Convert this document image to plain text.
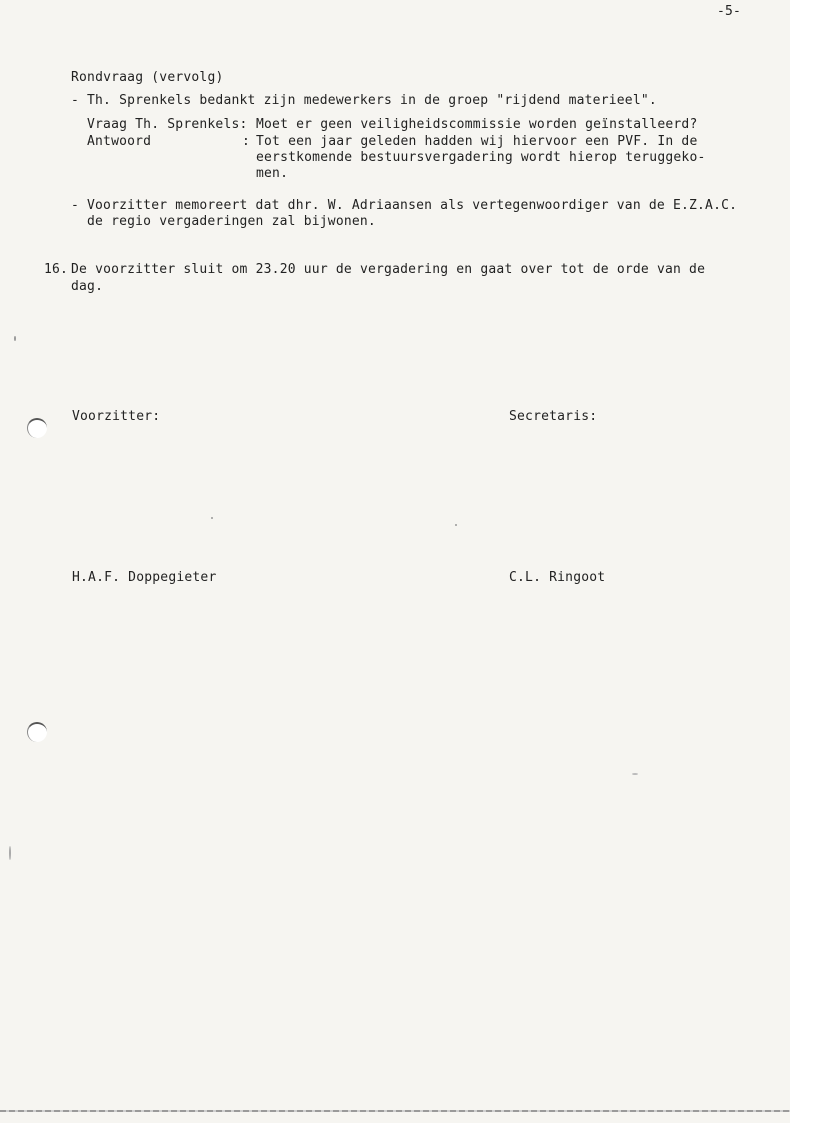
-5-
Rondvraag (vervolg)
- Th. Sprenkels bedankt zijn medewerkers in de groep "rijdend materieel".
Vraag Th. Sprenkels: Moet er geen veiligheidscommissie worden geïnstalleerd?
Antwoord	: Tot een jaar geleden hadden wij hiervoor een PVF. In de
eerstkomende bestuursvergadering wordt hierop teruggeko-
men.
- Voorzitter memoreert dat dhr. W. Adriaansen als vertegenwoordiger van de E.Z.A.C.
de regio vergaderingen zal bijwonen.
16. De voorzitter sluit om 23.20 uur de vergadering en gaat over tot de orde van de
dag.
Voorzitter:	Secretaris:
H.A.F. Doppegieter	C.L. Ringoot
